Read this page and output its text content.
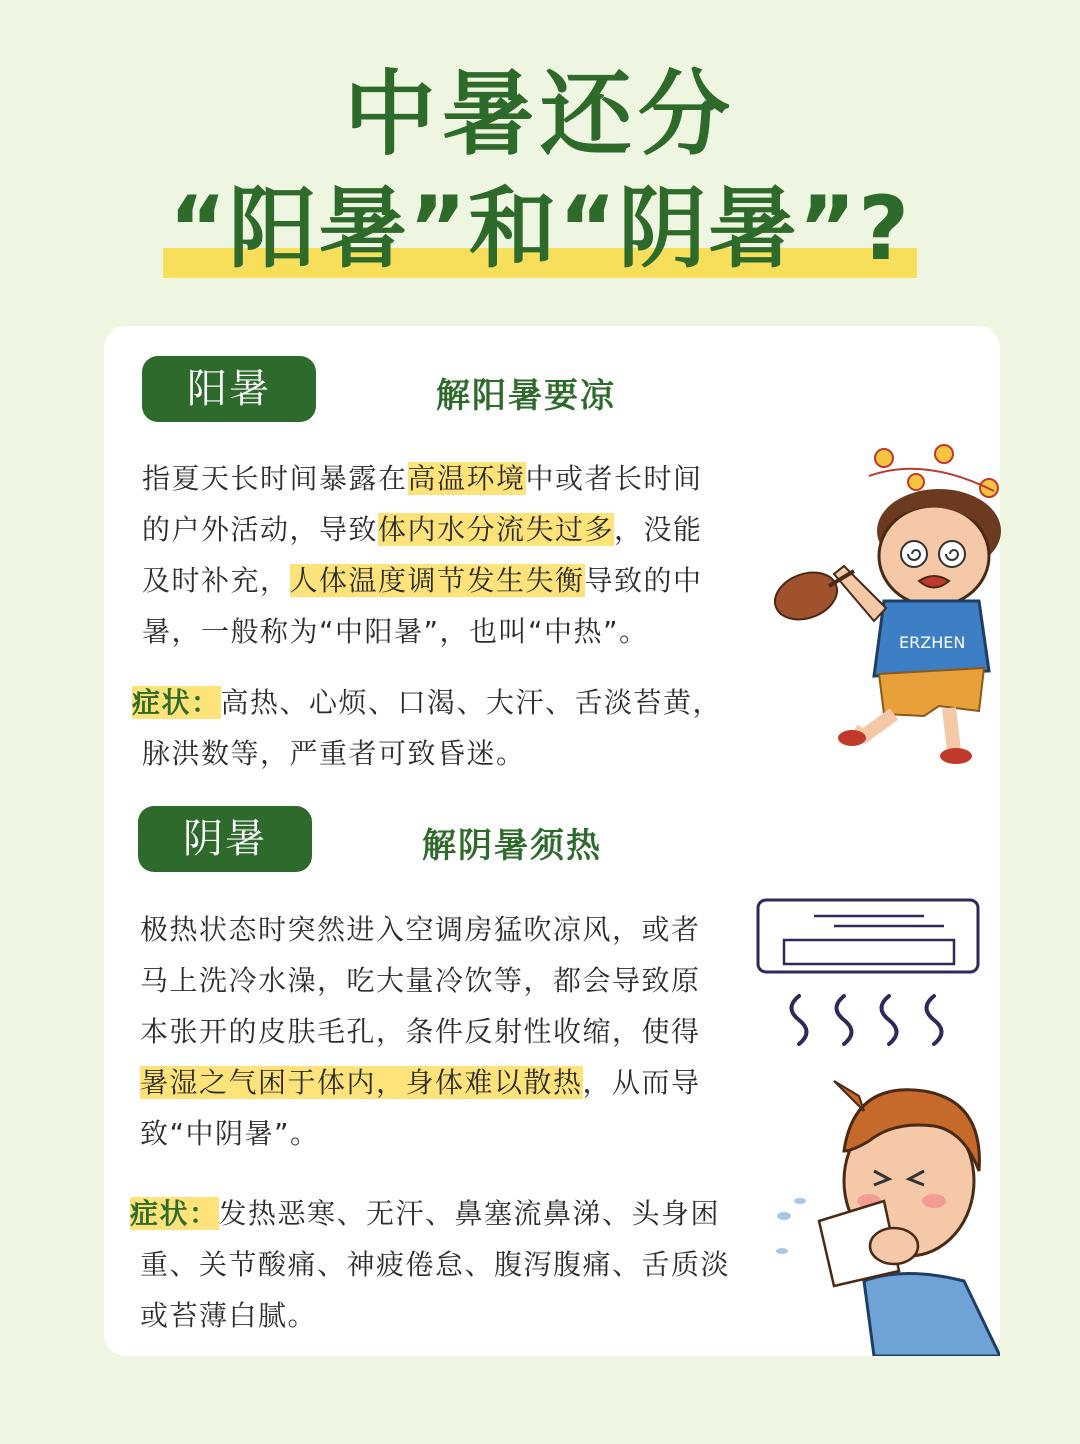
中暑还分
“阳暑”和“阴暑”?
阳暑	解阳暑要凉
指夏天长时间暴露在高温环境中或者长时间
的户外活动，导致体内水分流失过多，没能
及时补充，人体温度调节发生失衡导致的中
暑，一般称为“中阳暑”，也叫“中热”。
症状：高热、心烦、口渴、大汗、舌淡苔黄，
脉洪数等，严重者可致昏迷。
阴暑	解阴暑须热
极热状态时突然进入空调房猛吹凉风，或者
马上洗冷水澡，吃大量冷饮等，都会导致原
本张开的皮肤毛孔，条件反射性收缩，使得
暑湿之气困于体内，身体难以散热，从而导
致“中阴暑”。
症状：发热恶寒、无汗、鼻塞流鼻涕、头身困
重、关节酸痛、神疲倦怠、腹泻腹痛、舌质淡
或苔薄白腻。
ERZHEN
